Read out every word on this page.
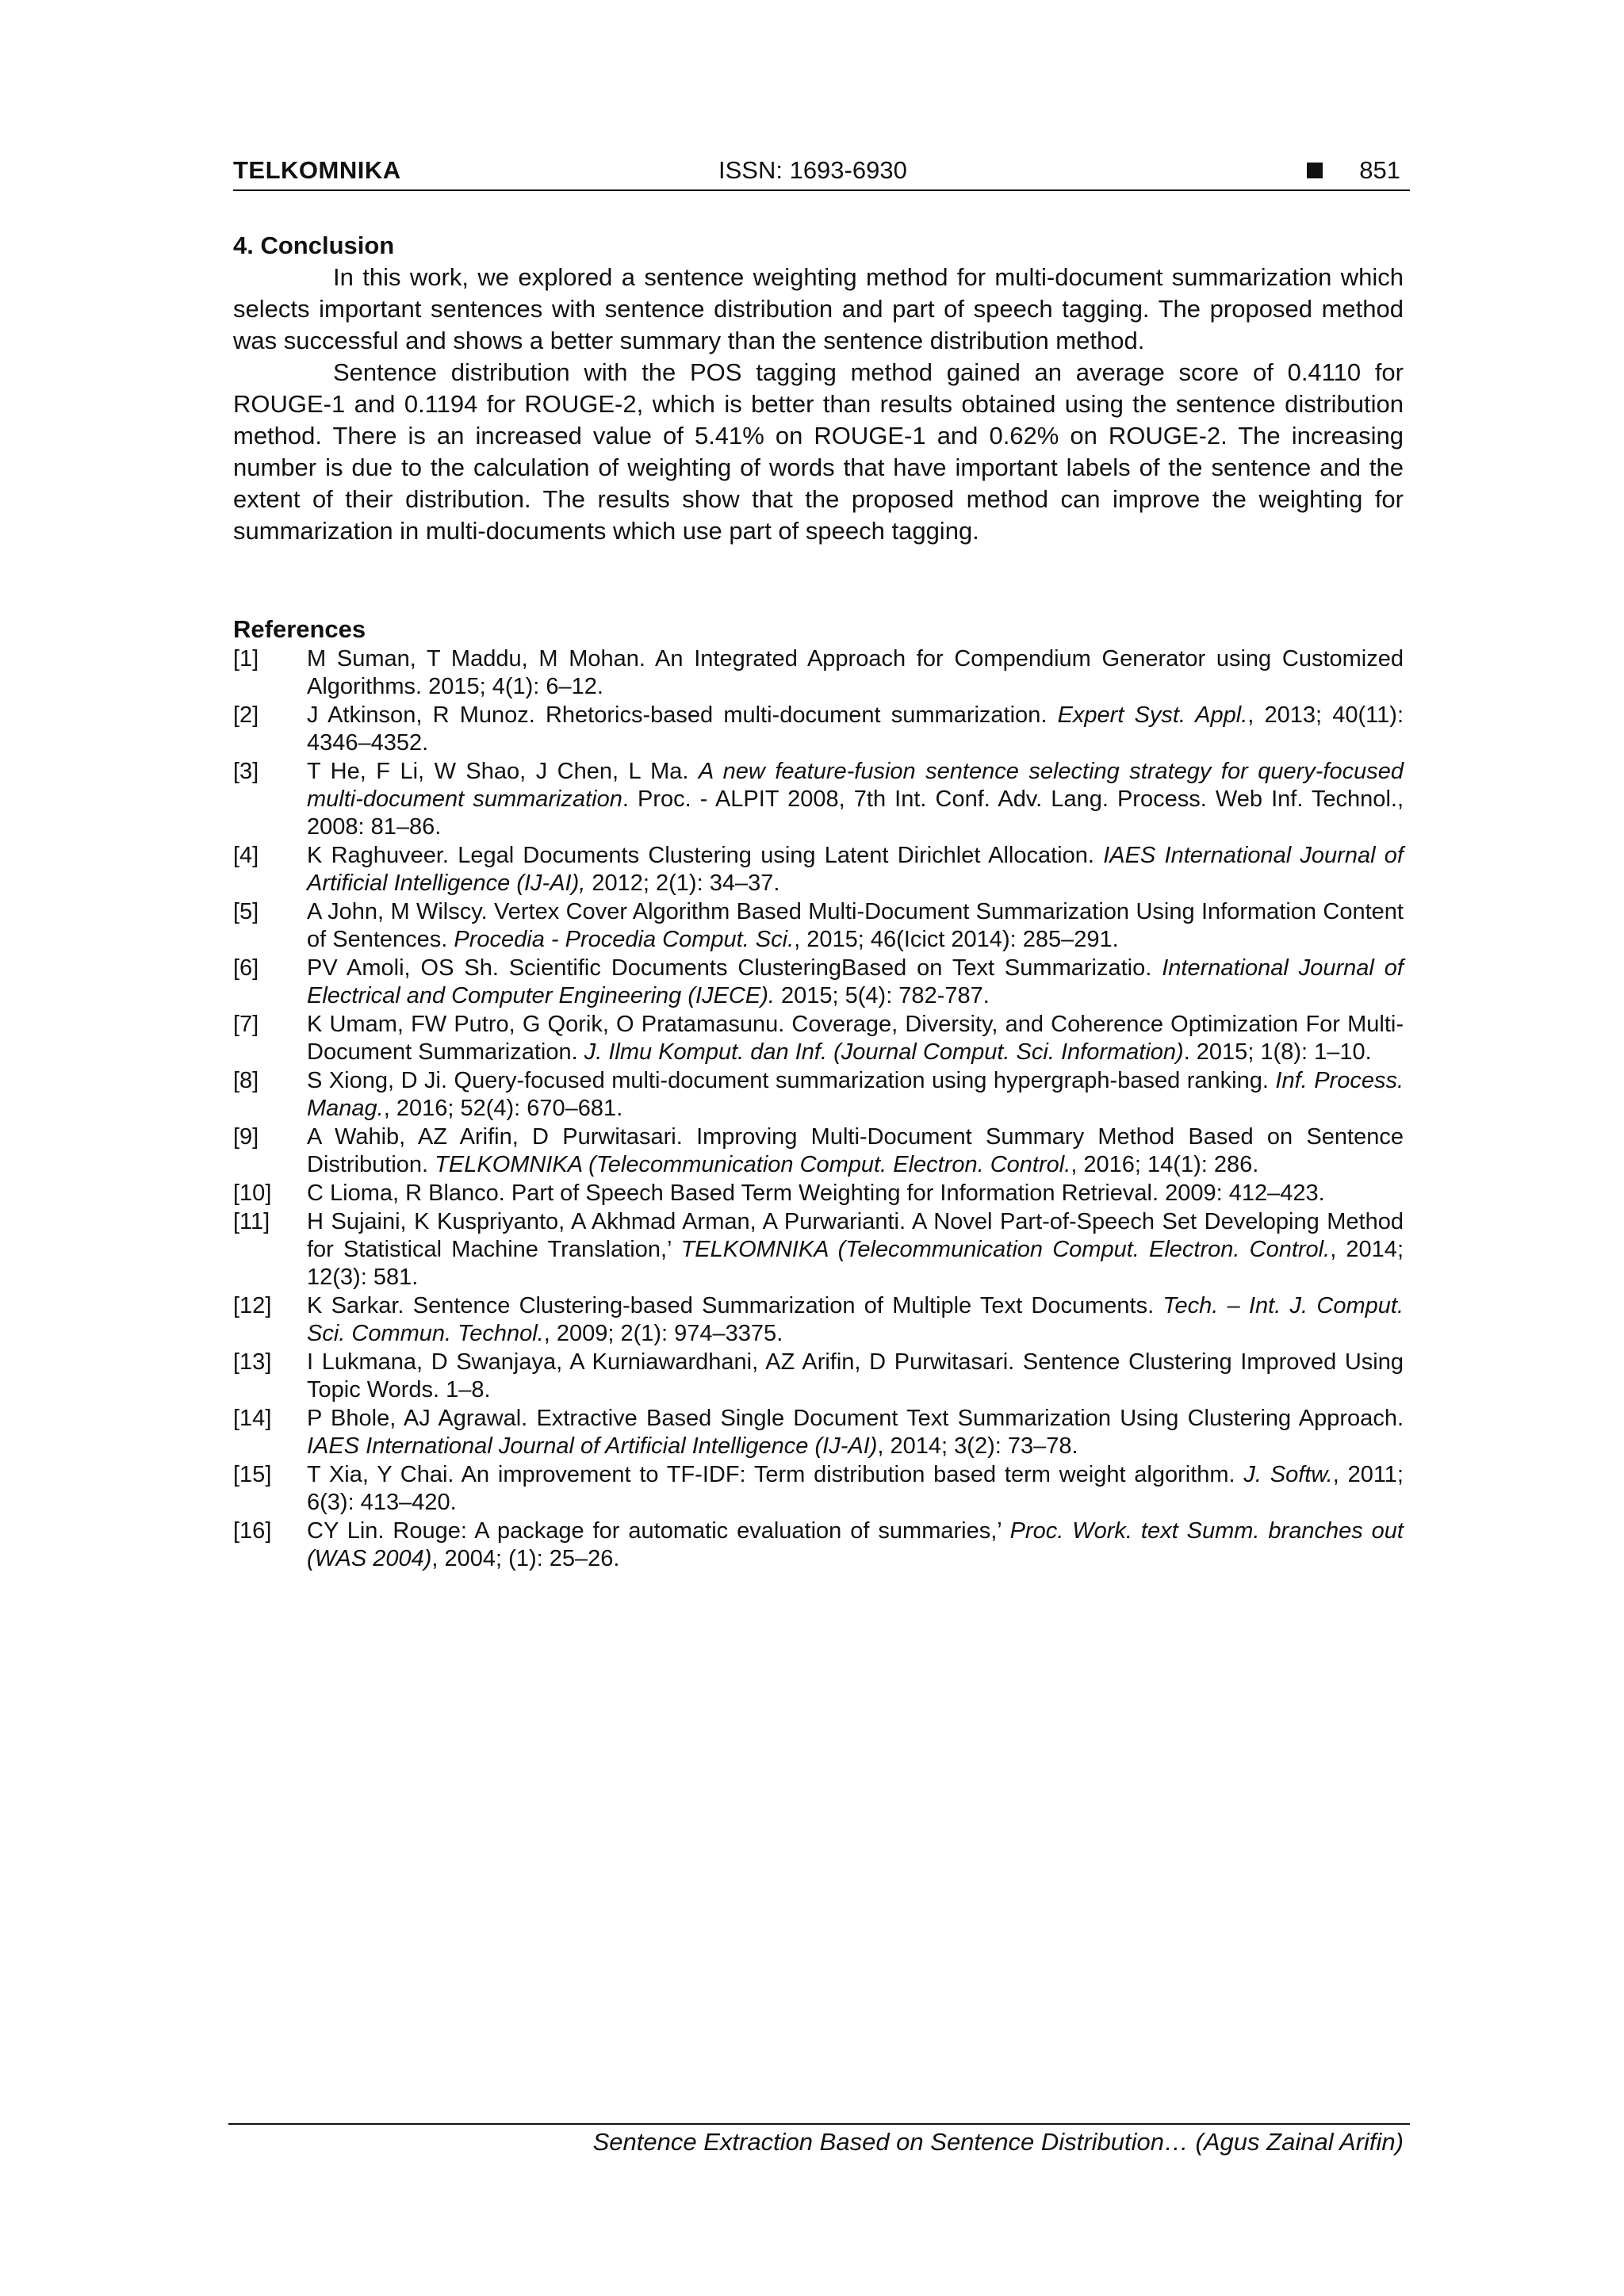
TELKOMNIKA	ISSN: 1693-6930	851

4. Conclusion

In this work, we explored a sentence weighting method for multi-document summarization which selects important sentences with sentence distribution and part of speech tagging. The proposed method was successful and shows a better summary than the sentence distribution method.

Sentence distribution with the POS tagging method gained an average score of 0.4110 for ROUGE-1 and 0.1194 for ROUGE-2, which is better than results obtained using the sentence distribution method. There is an increased value of 5.41% on ROUGE-1 and 0.62% on ROUGE-2. The increasing number is due to the calculation of weighting of words that have important labels of the sentence and the extent of their distribution. The results show that the proposed method can improve the weighting for summarization in multi-documents which use part of speech tagging.

References

[1] M Suman, T Maddu, M Mohan. An Integrated Approach for Compendium Generator using Customized Algorithms. 2015; 4(1): 6–12.
[2] J Atkinson, R Munoz. Rhetorics-based multi-document summarization. Expert Syst. Appl., 2013; 40(11): 4346–4352.
[3] T He, F Li, W Shao, J Chen, L Ma. A new feature-fusion sentence selecting strategy for query-focused multi-document summarization. Proc. - ALPIT 2008, 7th Int. Conf. Adv. Lang. Process. Web Inf. Technol., 2008: 81–86.
[4] K Raghuveer. Legal Documents Clustering using Latent Dirichlet Allocation. IAES International Journal of Artificial Intelligence (IJ-AI), 2012; 2(1): 34–37.
[5] A John, M Wilscy. Vertex Cover Algorithm Based Multi-Document Summarization Using Information Content of Sentences. Procedia - Procedia Comput. Sci., 2015; 46(Icict 2014): 285–291.
[6] PV Amoli, OS Sh. Scientific Documents ClusteringBased on Text Summarizatio. International Journal of Electrical and Computer Engineering (IJECE). 2015; 5(4): 782-787.
[7] K Umam, FW Putro, G Qorik, O Pratamasunu. Coverage, Diversity, and Coherence Optimization For Multi-Document Summarization. J. Ilmu Komput. dan Inf. (Journal Comput. Sci. Information). 2015; 1(8): 1–10.
[8] S Xiong, D Ji. Query-focused multi-document summarization using hypergraph-based ranking. Inf. Process. Manag., 2016; 52(4): 670–681.
[9] A Wahib, AZ Arifin, D Purwitasari. Improving Multi-Document Summary Method Based on Sentence Distribution. TELKOMNIKA (Telecommunication Comput. Electron. Control., 2016; 14(1): 286.
[10] C Lioma, R Blanco. Part of Speech Based Term Weighting for Information Retrieval. 2009: 412–423.
[11] H Sujaini, K Kuspriyanto, A Akhmad Arman, A Purwarianti. A Novel Part-of-Speech Set Developing Method for Statistical Machine Translation,’ TELKOMNIKA (Telecommunication Comput. Electron. Control., 2014; 12(3): 581.
[12] K Sarkar. Sentence Clustering-based Summarization of Multiple Text Documents. Tech. – Int. J. Comput. Sci. Commun. Technol., 2009; 2(1): 974–3375.
[13] I Lukmana, D Swanjaya, A Kurniawardhani, AZ Arifin, D Purwitasari. Sentence Clustering Improved Using Topic Words. 1–8.
[14] P Bhole, AJ Agrawal. Extractive Based Single Document Text Summarization Using Clustering Approach. IAES International Journal of Artificial Intelligence (IJ-AI), 2014; 3(2): 73–78.
[15] T Xia, Y Chai. An improvement to TF-IDF: Term distribution based term weight algorithm. J. Softw., 2011; 6(3): 413–420.
[16] CY Lin. Rouge: A package for automatic evaluation of summaries,’ Proc. Work. text Summ. branches out (WAS 2004), 2004; (1): 25–26.
Sentence Extraction Based on Sentence Distribution… (Agus Zainal Arifin)
